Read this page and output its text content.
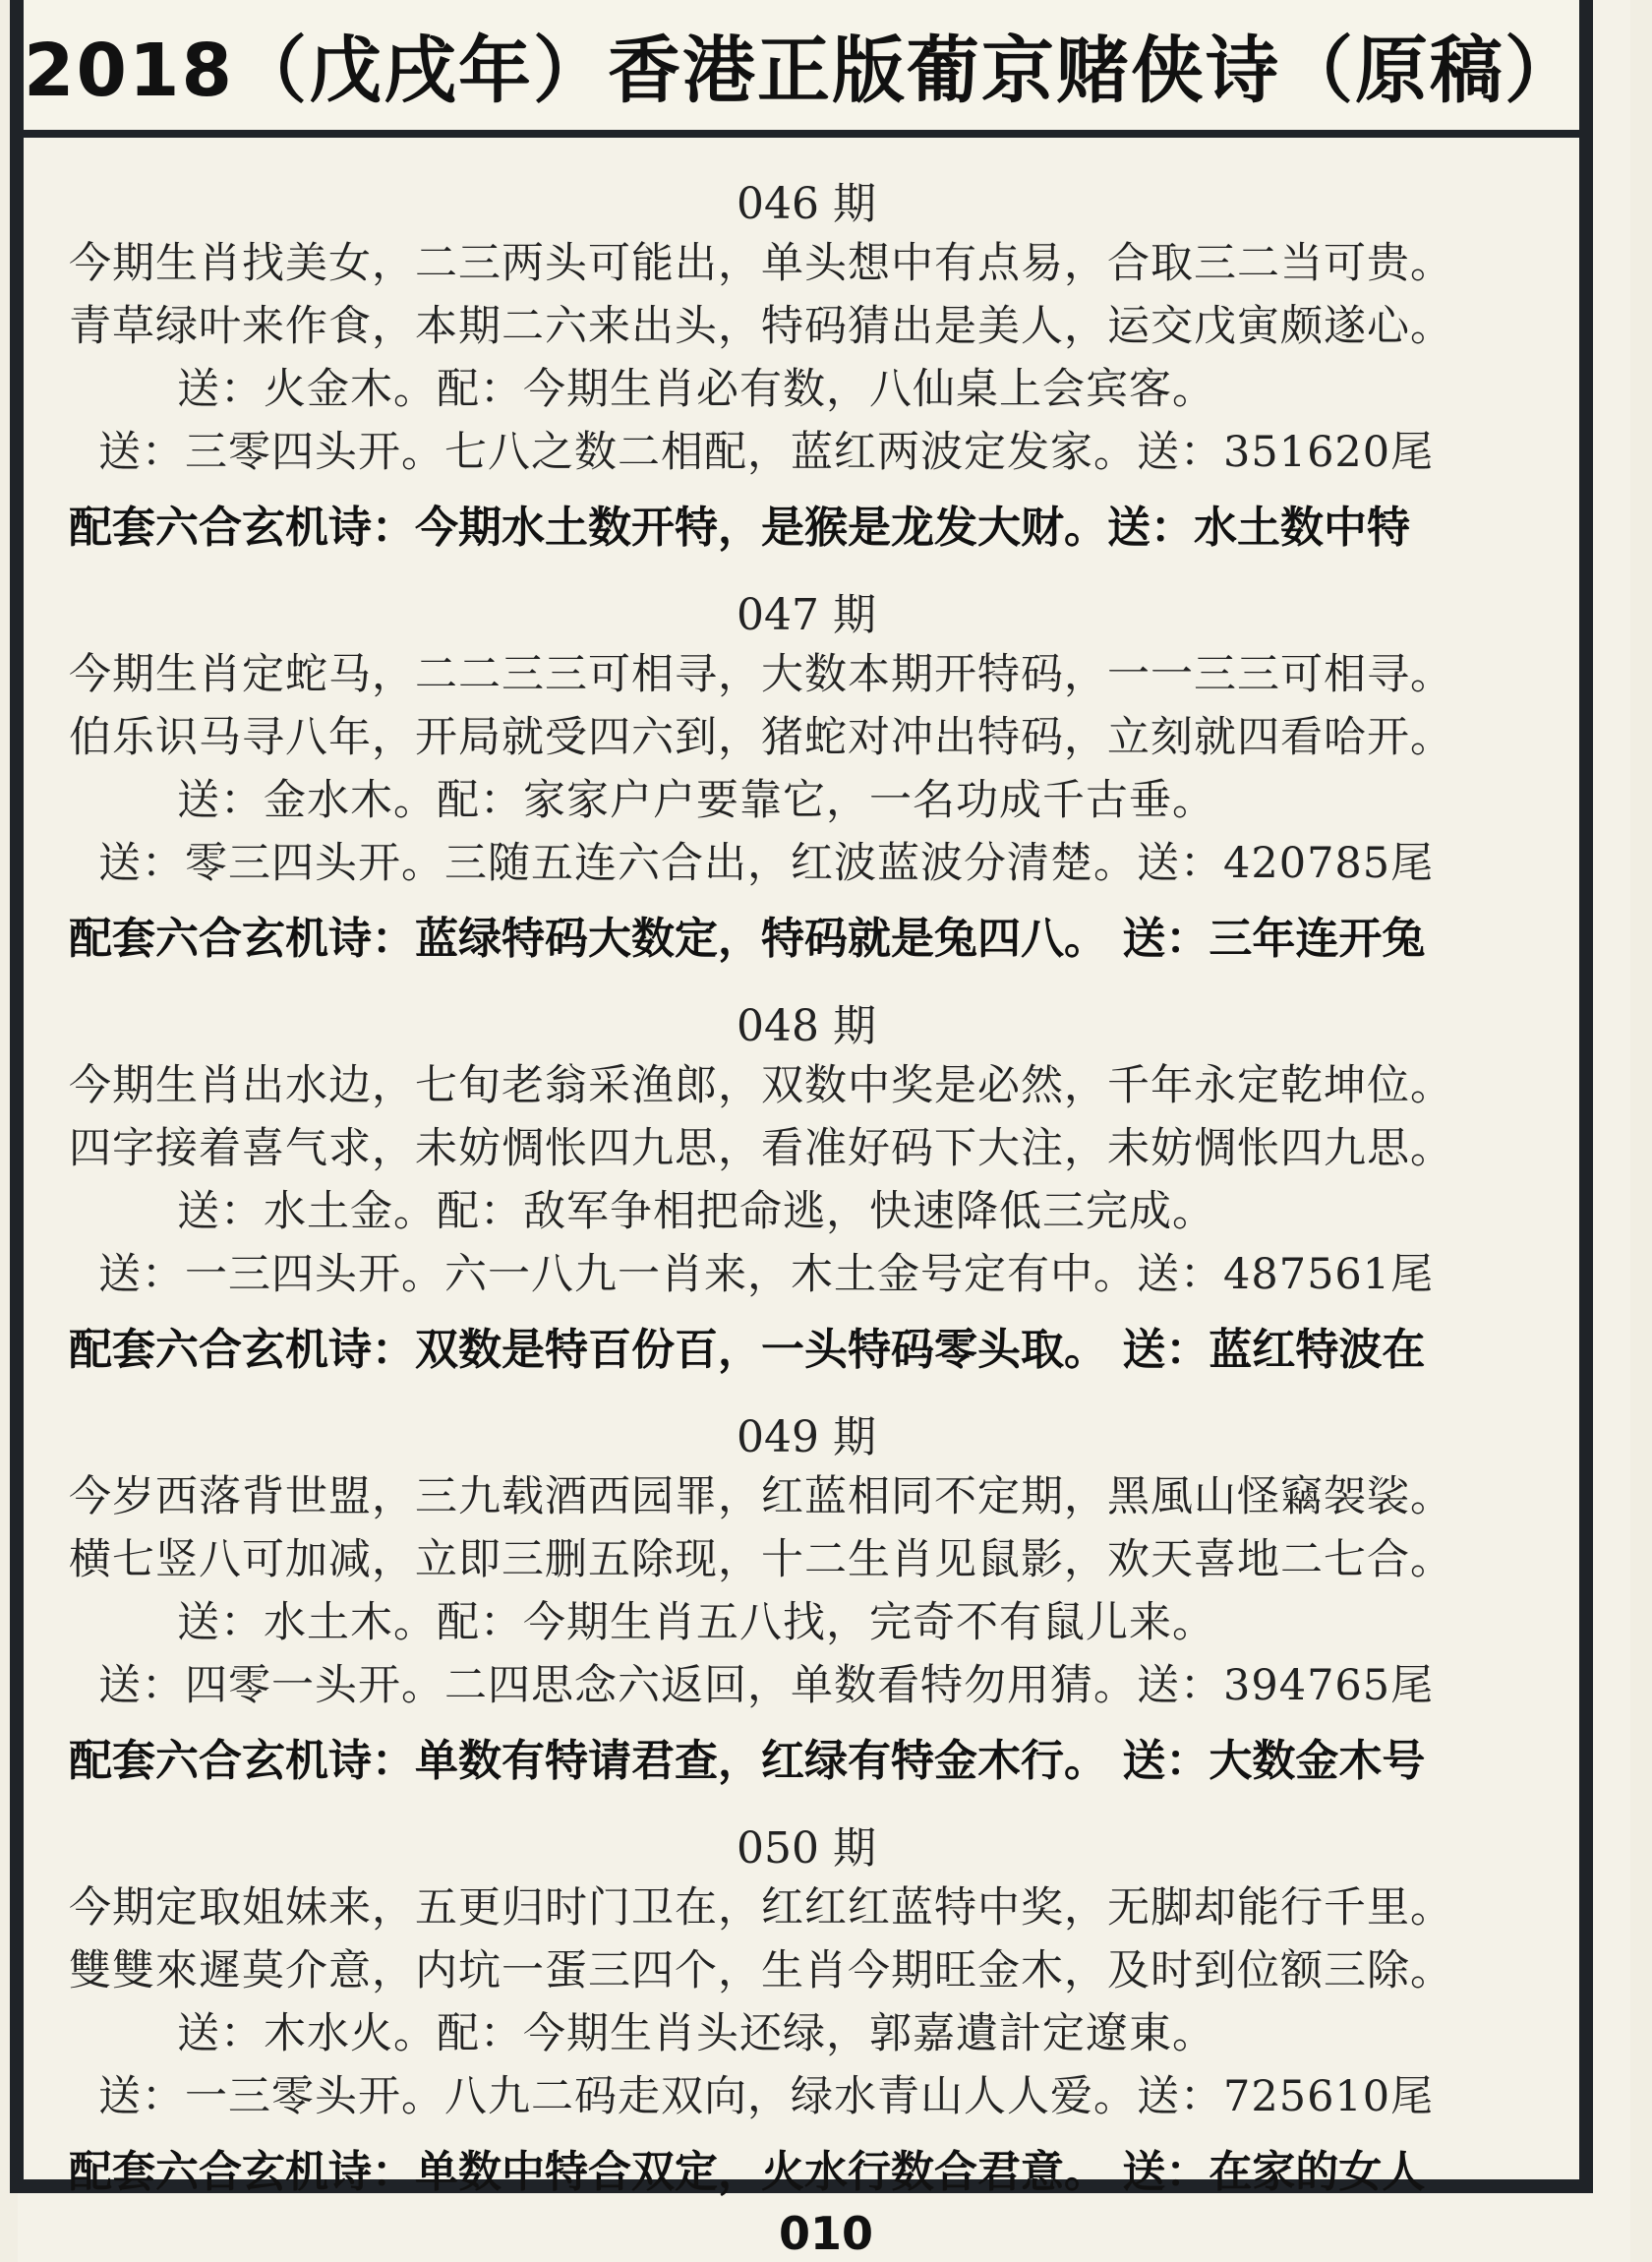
2018（戊戌年）香港正版葡京赌侠诗（原稿）
046 期
今期生肖找美女，二三两头可能出，单头想中有点易，合取三二当可贵。
青草绿叶来作食，本期二六来出头，特码猜出是美人，运交戊寅颇遂心。
送：火金木。配：今期生肖必有数，八仙桌上会宾客。
送：三零四头开。七八之数二相配，蓝红两波定发家。送：351620尾
配套六合玄机诗：今期水土数开特，是猴是龙发大财。送：水土数中特
047 期
今期生肖定蛇马，二二三三可相寻，大数本期开特码，一一三三可相寻。
伯乐识马寻八年，开局就受四六到，猪蛇对冲出特码，立刻就四看哈开。
送：金水木。配：家家户户要靠它，一名功成千古垂。
送：零三四头开。三随五连六合出，红波蓝波分清楚。送：420785尾
配套六合玄机诗：蓝绿特码大数定，特码就是兔四八。 送：三年连开兔
048 期
今期生肖出水边，七旬老翁采渔郎，双数中奖是必然，千年永定乾坤位。
四字接着喜气求，未妨惆怅四九思，看准好码下大注，未妨惆怅四九思。
送：水土金。配：敌军争相把命逃，快速降低三完成。
送：一三四头开。六一八九一肖来，木土金号定有中。送：487561尾
配套六合玄机诗：双数是特百份百，一头特码零头取。 送：蓝红特波在
049 期
今岁西落背世盟，三九载酒西园罪，红蓝相同不定期，黑風山怪竊袈裟。
横七竖八可加减，立即三删五除现，十二生肖见鼠影，欢天喜地二七合。
送：水土木。配：今期生肖五八找，完奇不有鼠儿来。
送：四零一头开。二四思念六返回，单数看特勿用猜。送：394765尾
配套六合玄机诗：单数有特请君查，红绿有特金木行。 送：大数金木号
050 期
今期定取姐妹来，五更归时门卫在，红红红蓝特中奖，无脚却能行千里。
雙雙來遲莫介意，内坑一蛋三四个，生肖今期旺金木，及时到位额三除。
送：木水火。配：今期生肖头还绿，郭嘉遺計定遼東。
送：一三零头开。八九二码走双向，绿水青山人人爱。送：725610尾
配套六合玄机诗：单数中特合双定，火水行数合君意。 送：在家的女人
010
